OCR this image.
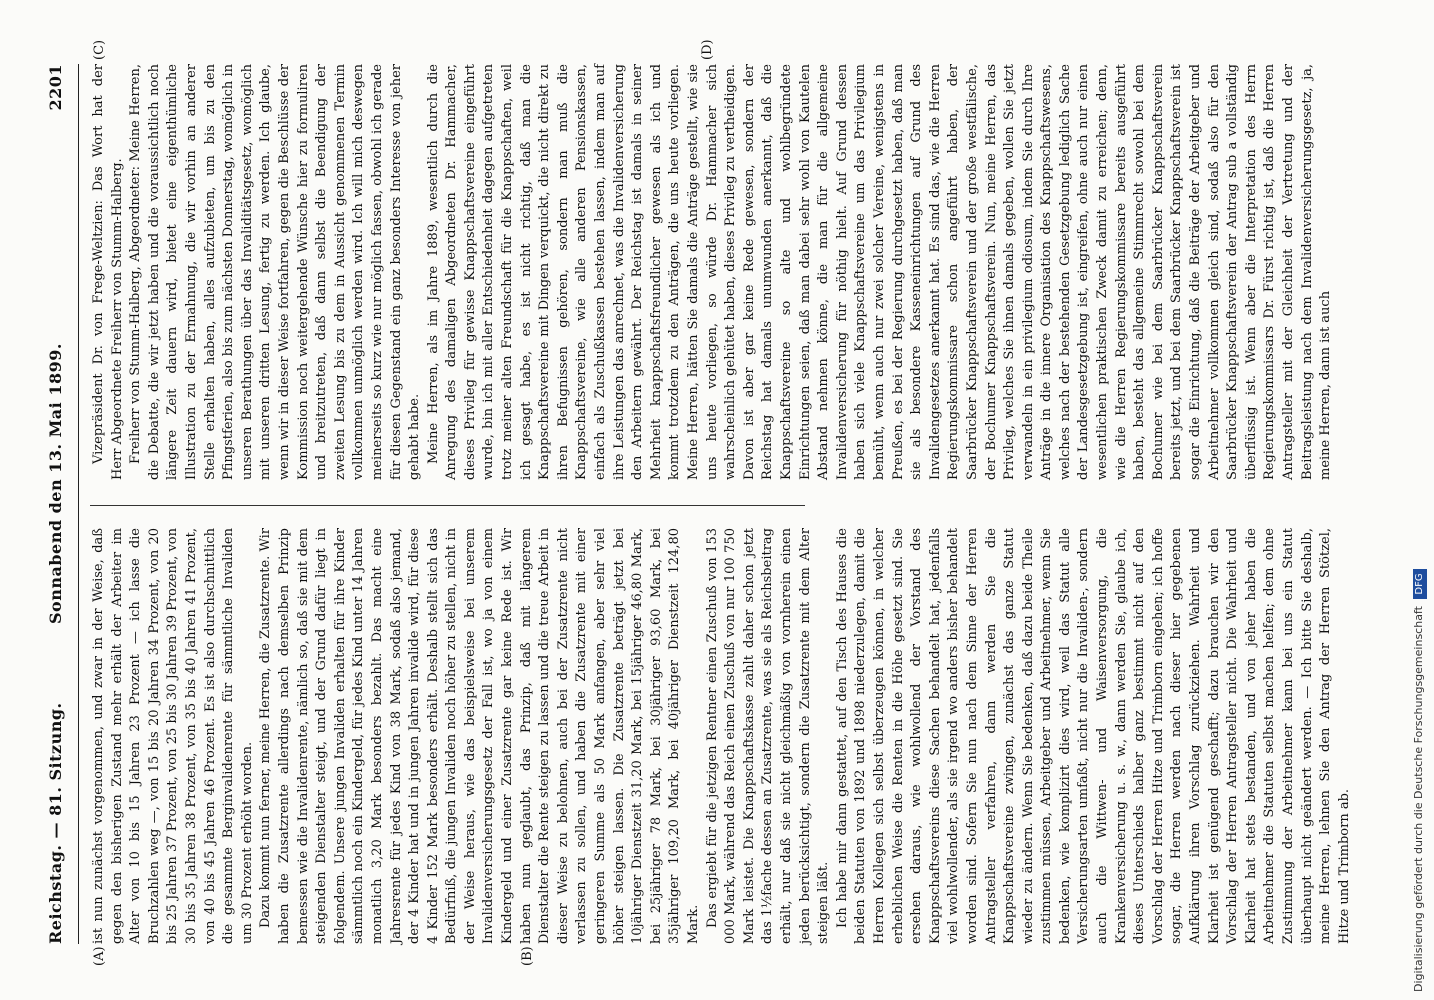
Reichstag. — 81. Sitzung.
Sonnabend den 13. Mai 1899.
2201
(A)	(B)
(C)	(D)

ist nun zunächst vorgenommen, und zwar in der Weise, daß gegen den bisherigen Zustand mehr erhält der Arbeiter im Alter von 10 bis 15 Jahren 23 Prozent — ich lasse die Bruchzahlen weg —, von 15 bis 20 Jahren 34 Prozent, von 20 bis 25 Jahren 37 Prozent, von 25 bis 30 Jahren 39 Prozent, von 30 bis 35 Jahren 38 Prozent, von 35 bis 40 Jahren 41 Prozent, von 40 bis 45 Jahren 46 Prozent. Es ist also durchschnittlich die gesammte Berginvalidenrente für sämmtliche Invaliden um 30 Prozent erhöht worden. Dazu kommt nun ferner, meine Herren, die Zusatzrente. Wir haben die Zusatzrente allerdings nach demselben Prinzip bemessen wie die Invalidenrente, nämlich so, daß sie mit dem steigenden Dienstalter steigt, und der Grund dafür liegt in folgendem. Unsere jungen Invaliden erhalten für ihre Kinder sämmtlich noch ein Kindergeld, für jedes Kind unter 14 Jahren monatlich 3,20 Mark besonders bezahlt. Das macht eine Jahresrente für jedes Kind von 38 Mark, sodaß also jemand, der 4 Kinder hat und in jungen Jahren invalide wird, für diese 4 Kinder 152 Mark besonders erhält. Deshalb stellt sich das Bedürfniß, die jungen Invaliden noch höher zu stellen, nicht in der Weise heraus, wie das beispielsweise bei unserem Invalidenversicherungsgesetz der Fall ist, wo ja von einem Kindergeld und einer Zusatzrente gar keine Rede ist. Wir haben nun geglaubt, das Prinzip, daß mit längerem Dienstalter die Rente steigen zu lassen und die treue Arbeit in dieser Weise zu belohnen, auch bei der Zusatzrente nicht verlassen zu sollen, und haben die Zusatzrente mit einer geringeren Summe als 50 Mark anfangen, aber sehr viel höher steigen lassen. Die Zusatzrente beträgt jetzt bei 10jähriger Dienstzeit 31,20 Mark, bei 15jähriger 46,80 Mark, bei 25jähriger 78 Mark, bei 30jähriger 93,60 Mark, bei 35jähriger 109,20 Mark, bei 40jähriger Dienstzeit 124,80 Mark. Das ergiebt für die jetzigen Rentner einen Zuschuß von 153 000 Mark, während das Reich einen Zuschuß von nur 100 750 Mark leistet. Die Knappschaftskasse zahlt daher schon jetzt das 1½fache dessen an Zusatzrente, was sie als Reichsbeitrag erhält, nur daß sie nicht gleichmäßig von vornherein einen jeden berücksichtigt, sondern die Zusatzrente mit dem Alter steigen läßt. Ich habe mir dann gestattet, auf den Tisch des Hauses die beiden Statuten von 1892 und 1898 niederzulegen, damit die Herren Kollegen sich selbst überzeugen können, in welcher erheblichen Weise die Renten in die Höhe gesetzt sind. Sie ersehen daraus, wie wohlwollend der Vorstand des Knappschaftsvereins diese Sachen behandelt hat, jedenfalls viel wohlwollender, als sie irgend wo anders bisher behandelt worden sind. Sofern Sie nun nach dem Sinne der Herren Antragsteller verfahren, dann werden Sie die Knappschaftsvereine zwingen, zunächst das ganze Statut wieder zu ändern. Wenn Sie bedenken, daß dazu beide Theile zustimmen müssen, Arbeitgeber und Arbeitnehmer, wenn Sie bedenken, wie komplizirt dies wird, weil das Statut alle Versicherungsarten umfaßt, nicht nur die Invaliden-, sondern auch die Wittwen- und Waisenversorgung, die Krankenversicherung u. s. w., dann werden Sie, glaube ich, dieses Unterschieds halber ganz bestimmt nicht auf den Vorschlag der Herren Hitze und Trimborn eingehen; ich hoffe sogar, die Herren werden nach dieser hier gegebenen Aufklärung ihren Vorschlag zurückziehen. Wahrheit und Klarheit ist genügend geschafft; dazu brauchen wir den Vorschlag der Herren Antragsteller nicht. Die Wahrheit und Klarheit hat stets bestanden, und von jeher haben die Arbeitnehmer die Statuten selbst machen helfen; dem ohne Zustimmung der Arbeitnehmer kann bei uns ein Statut überhaupt nicht geändert werden. — Ich bitte Sie deshalb, meine Herren, lehnen Sie den Antrag der Herren Stötzel, Hitze und Trimborn ab.

Vizepräsident Dr. von Frege-Weltzien: Das Wort hat der Herr Abgeordnete Freiherr von Stumm-Halberg. Freiherr von Stumm-Halberg, Abgeordneter: Meine Herren, die Debatte, die wir jetzt haben und die voraussichtlich noch längere Zeit dauern wird, bietet eine eigenthümliche Illustration zu der Ermahnung, die wir vorhin an anderer Stelle erhalten haben, alles aufzubieten, um bis zu den Pfingstferien, also bis zum nächsten Donnerstag, womöglich in unseren Berathungen über das Invaliditätsgesetz, womöglich mit unseren dritten Lesung, fertig zu werden. Ich glaube, wenn wir in dieser Weise fortfahren, gegen die Beschlüsse der Kommission noch weitergehende Wünsche hier zu formuliren und breitzutreten, daß dann selbst die Beendigung der zweiten Lesung bis zu dem in Aussicht genommenen Termin vollkommen unmöglich werden wird. Ich will mich deswegen meinerseits so kurz wie nur möglich fassen, obwohl ich gerade für diesen Gegenstand ein ganz besonders Interesse von jeher gehabt habe. Meine Herren, als im Jahre 1889, wesentlich durch die Anregung des damaligen Abgeordneten Dr. Hammacher, dieses Privileg für gewisse Knappschaftsvereine eingeführt wurde, bin ich mit aller Entschiedenheit dagegen aufgetreten trotz meiner alten Freundschaft für die Knappschaften, weil ich gesagt habe, es ist nicht richtig, daß man die Knappschaftsvereine mit Dingen verquickt, die nicht direkt zu ihren Befugnissen gehören, sondern man muß die Knappschaftsvereine, wie alle anderen Pensionskassen, einfach als Zuschußkassen bestehen lassen, indem man auf ihre Leistungen das anrechnet, was die Invalidenversicherung den Arbeitern gewährt. Der Reichstag ist damals in seiner Mehrheit knappschaftsfreundlicher gewesen als ich und kommt trotzdem zu den Anträgen, die uns heute vorliegen. Meine Herren, hätten Sie damals die Anträge gestellt, wie sie uns heute vorliegen, so würde Dr. Hammacher sich wahrscheinlich gehütet haben, dieses Privileg zu vertheidigen. Davon ist aber gar keine Rede gewesen, sondern der Reichstag hat damals unumwunden anerkannt, daß die Knappschaftsvereine so alte und wohlbegründete Einrichtungen seien, daß man dabei sehr wohl von Kautelen Abstand nehmen könne, die man für die allgemeine Invalidenversicherung für nöthig hielt. Auf Grund dessen haben sich viele Knappschaftsvereine um das Privilegium bemüht, wenn auch nur zwei solcher Vereine, wenigstens in Preußen, es bei der Regierung durchgesetzt haben, daß man sie als besondere Kasseneinrichtungen auf Grund des Invalidengesetzes anerkannt hat. Es sind das, wie die Herren Regierungskommissare schon angeführt haben, der Saarbrücker Knappschaftsverein und der große westfälische, der Bochumer Knappschaftsverein. Nun, meine Herren, das Privileg, welches Sie ihnen damals gegeben, wollen Sie jetzt verwandeln in ein privilegium odiosum, indem Sie durch Ihre Anträge in die innere Organisation des Knappschaftswesens, welches nach der bestehenden Gesetzgebung lediglich Sache der Landesgesetzgebung ist, eingreifen, ohne auch nur einen wesentlichen praktischen Zweck damit zu erreichen; denn, wie die Herren Regierungskommissare bereits ausgeführt haben, besteht das allgemeine Stimmrecht sowohl bei dem Bochumer wie bei dem Saarbrücker Knappschaftsverein bereits jetzt, und bei dem Saarbrücker Knappschaftsverein ist sogar die Einrichtung, daß die Beiträge der Arbeitgeber und Arbeitnehmer vollkommen gleich sind, sodaß also für den Saarbrücker Knappschaftsverein der Antrag sub a vollständig überflüssig ist. Wenn aber die Interpretation des Herrn Regierungskommissars Dr. Fürst richtig ist, daß die Herren Antragsteller mit der Gleichheit der Vertretung und der Beitragsleistung nach dem Invalidenversicherungsgesetz, ja, meine Herren, dann ist auch

Digitalisierung gefördert durch die Deutsche Forschungsgemeinschaft DFG
